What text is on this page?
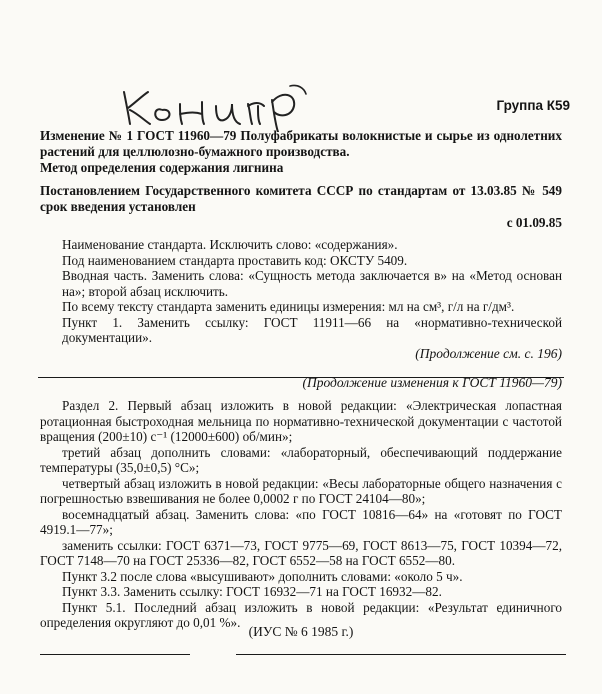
Группа К59
Изменение № 1 ГОСТ 11960—79 Полуфабрикаты волокнистые и сырье из однолетних растений для целлюлозно-бумажного производства.
Метод определения содержания лигнина
Постановлением Государственного комитета СССР по стандартам от 13.03.85 № 549 срок введения установлен
с 01.09.85

Наименование стандарта. Исключить слово: «содержания».

Под наименованием стандарта проставить код: ОКСТУ 5409.

Вводная часть. Заменить слова: «Сущность метода заключается в» на «Метод основан на»; второй абзац исключить.

По всему тексту стандарта заменить единицы измерения: мл на см³, г/л на г/дм³.

Пункт 1. Заменить ссылку: ГОСТ 11911—66 на «нормативно-технической документации».

(Продолжение см. с. 196)
(Продолжение изменения к ГОСТ 11960—79)

Раздел 2. Первый абзац изложить в новой редакции: «Электрическая лопастная ротационная быстроходная мельница по нормативно-технической документации с частотой вращения (200±10) с⁻¹ (12000±600) об/мин»;

третий абзац дополнить словами: «лабораторный, обеспечивающий поддержание температуры (35,0±0,5) °С»;

четвертый абзац изложить в новой редакции: «Весы лабораторные общего назначения с погрешностью взвешивания не более 0,0002 г по ГОСТ 24104—80»;

восемнадцатый абзац. Заменить слова: «по ГОСТ 10816—64» на «готовят по ГОСТ 4919.1—77»;

заменить ссылки: ГОСТ 6371—73, ГОСТ 9775—69, ГОСТ 8613—75, ГОСТ 10394—72, ГОСТ 7148—70 на ГОСТ 25336—82, ГОСТ 6552—58 на ГОСТ 6552—80.

Пункт 3.2 после слова «высушивают» дополнить словами: «около 5 ч».

Пункт 3.3. Заменить ссылку: ГОСТ 16932—71 на ГОСТ 16932—82.

Пункт 5.1. Последний абзац изложить в новой редакции: «Результат единичного определения округляют до 0,01 %».

(ИУС № 6 1985 г.)
